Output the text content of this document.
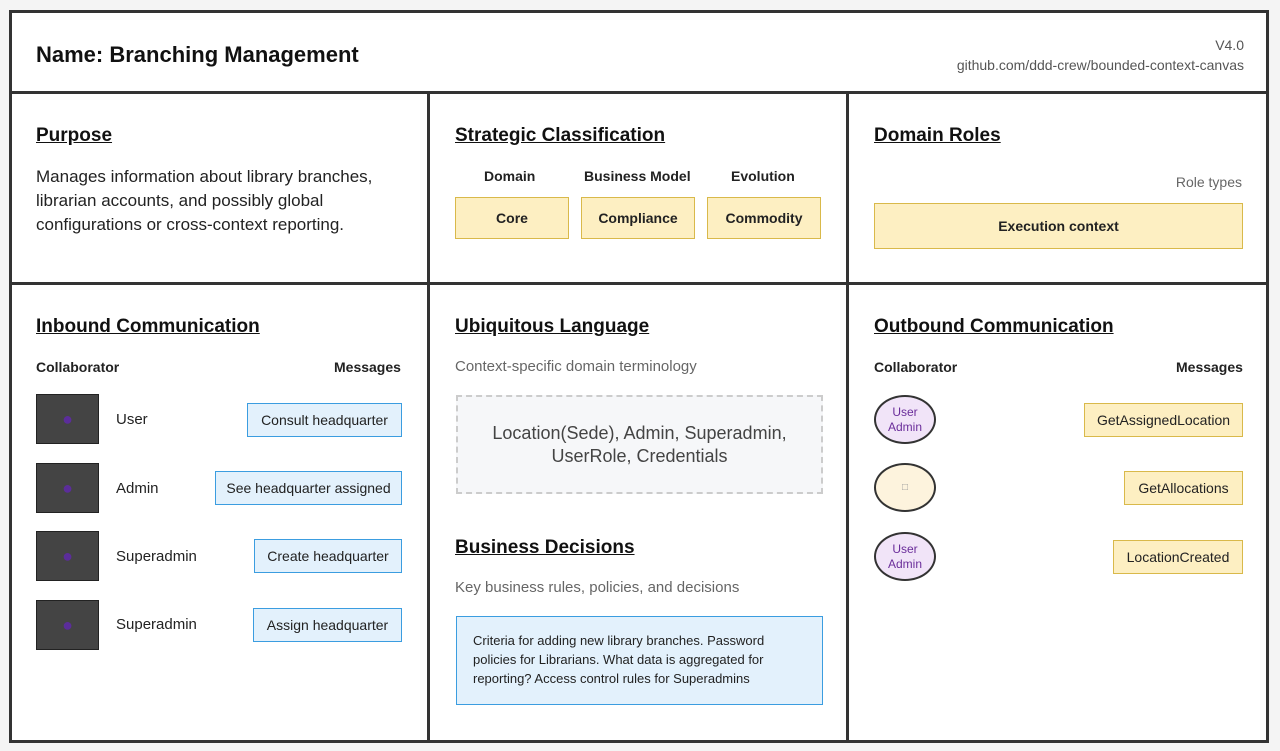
Name: Branching Management	V4.0
github.com/ddd-crew/bounded-context-canvas
Purpose
Manages information about library branches, librarian accounts, and possibly global configurations or cross-context reporting.
Strategic Classification
Domain	Business Model	Evolution
Core	Compliance	Commodity
Domain Roles
Role types
Execution context
Inbound Communication
Collaborator	Messages
●	User	Consult headquarter
●	Admin	See headquarter assigned
●	Superadmin	Create headquarter
●	Superadmin	Assign headquarter
Ubiquitous Language
Context-specific domain terminology
Location(Sede), Admin, Superadmin, UserRole, Credentials
Business Decisions
Key business rules, policies, and decisions
Criteria for adding new library branches. Password policies for Librarians. What data is aggregated for reporting? Access control rules for Superadmins
Outbound Communication
Collaborator	Messages
User Admin	GetAssignedLocation
□	GetAllocations
User Admin	LocationCreated
